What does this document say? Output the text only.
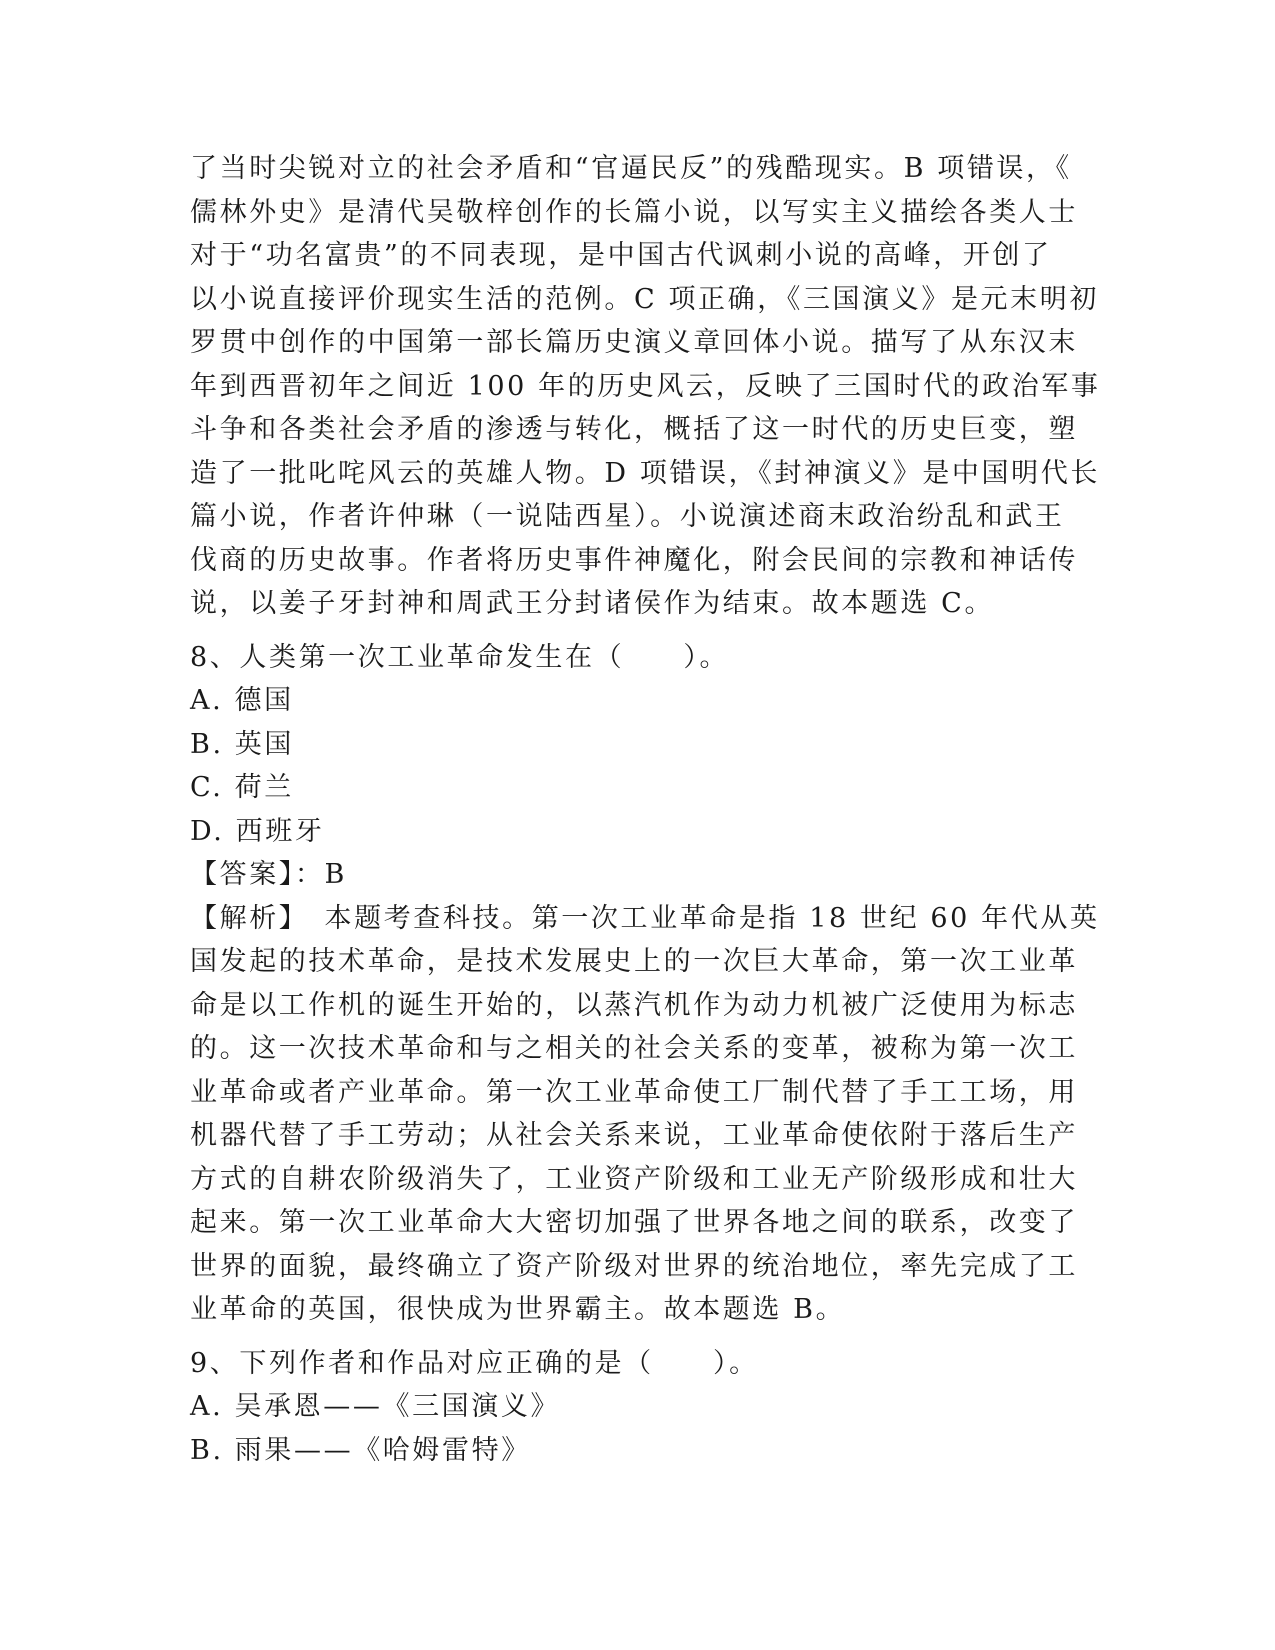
了当时尖锐对立的社会矛盾和“官逼民反”的残酷现实。B 项错误，《
儒林外史》是清代吴敬梓创作的长篇小说，以写实主义描绘各类人士
对于“功名富贵”的不同表现，是中国古代讽刺小说的高峰，开创了
以小说直接评价现实生活的范例。C 项正确，《三国演义》是元末明初
罗贯中创作的中国第一部长篇历史演义章回体小说。描写了从东汉末
年到西晋初年之间近 100 年的历史风云，反映了三国时代的政治军事
斗争和各类社会矛盾的渗透与转化，概括了这一时代的历史巨变，塑
造了一批叱咤风云的英雄人物。D 项错误，《封神演义》是中国明代长
篇小说，作者许仲琳（一说陆西星）。小说演述商末政治纷乱和武王
伐商的历史故事。作者将历史事件神魔化，附会民间的宗教和神话传
说，以姜子牙封神和周武王分封诸侯作为结束。故本题选 C。
8、人类第一次工业革命发生在（　　）。
A. 德国
B. 英国
C. 荷兰
D. 西班牙
【答案】：B
【解析】　本题考查科技。第一次工业革命是指 18 世纪 60 年代从英
国发起的技术革命，是技术发展史上的一次巨大革命，第一次工业革
命是以工作机的诞生开始的，以蒸汽机作为动力机被广泛使用为标志
的。这一次技术革命和与之相关的社会关系的变革，被称为第一次工
业革命或者产业革命。第一次工业革命使工厂制代替了手工工场，用
机器代替了手工劳动；从社会关系来说，工业革命使依附于落后生产
方式的自耕农阶级消失了，工业资产阶级和工业无产阶级形成和壮大
起来。第一次工业革命大大密切加强了世界各地之间的联系，改变了
世界的面貌，最终确立了资产阶级对世界的统治地位，率先完成了工
业革命的英国，很快成为世界霸主。故本题选 B。
9、下列作者和作品对应正确的是（　　）。
A. 吴承恩——《三国演义》
B. 雨果——《哈姆雷特》
